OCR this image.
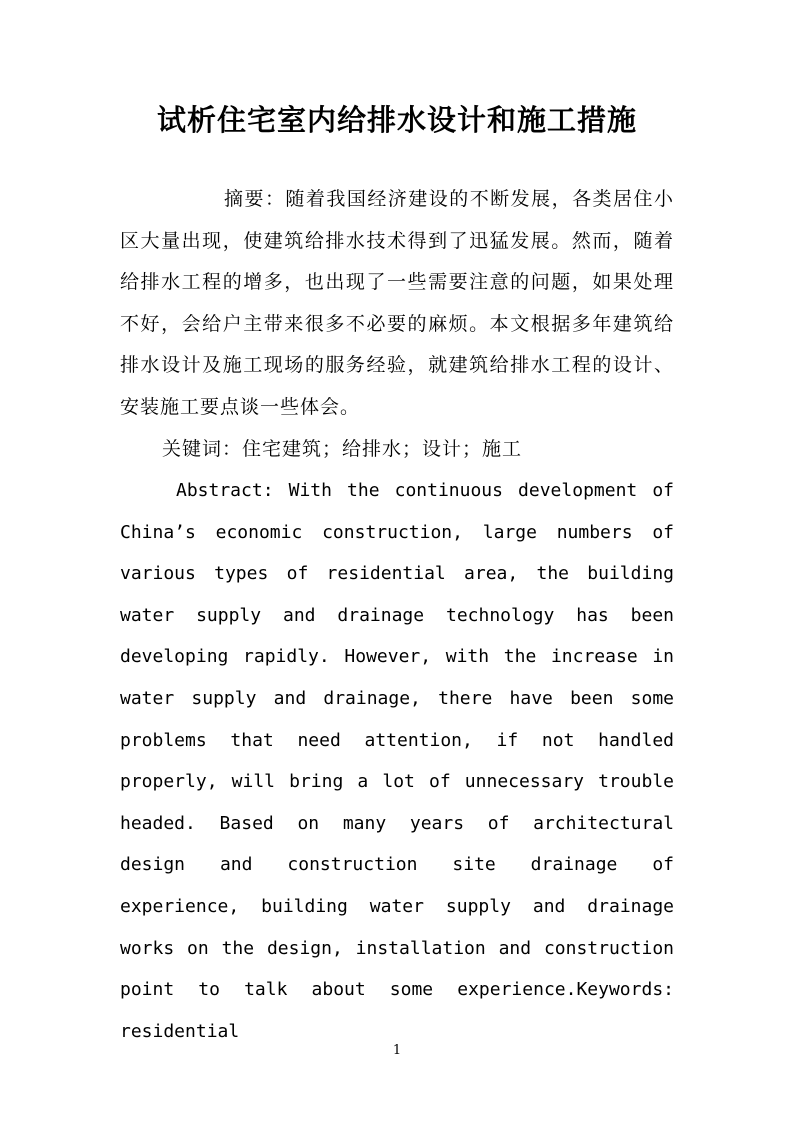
试析住宅室内给排水设计和施工措施
摘要：随着我国经济建设的不断发展，各类居住小区大量出现，使建筑给排水技术得到了迅猛发展。然而，随着给排水工程的增多，也出现了一些需要注意的问题，如果处理不好，会给户主带来很多不必要的麻烦。本文根据多年建筑给排水设计及施工现场的服务经验，就建筑给排水工程的设计、安装施工要点谈一些体会。
关键词：住宅建筑；给排水；设计；施工
Abstract: With the continuous development of China’s economic construction, large numbers of various types of residential area, the building water supply and drainage technology has been developing rapidly. However, with the increase in water supply and drainage, there have been some problems that need attention, if not handled properly, will bring a lot of unnecessary trouble headed. Based on many years of architectural design and construction site drainage of experience, building water supply and drainage works on the design, installation and construction point to talk about some experience.Keywords: residential
1
